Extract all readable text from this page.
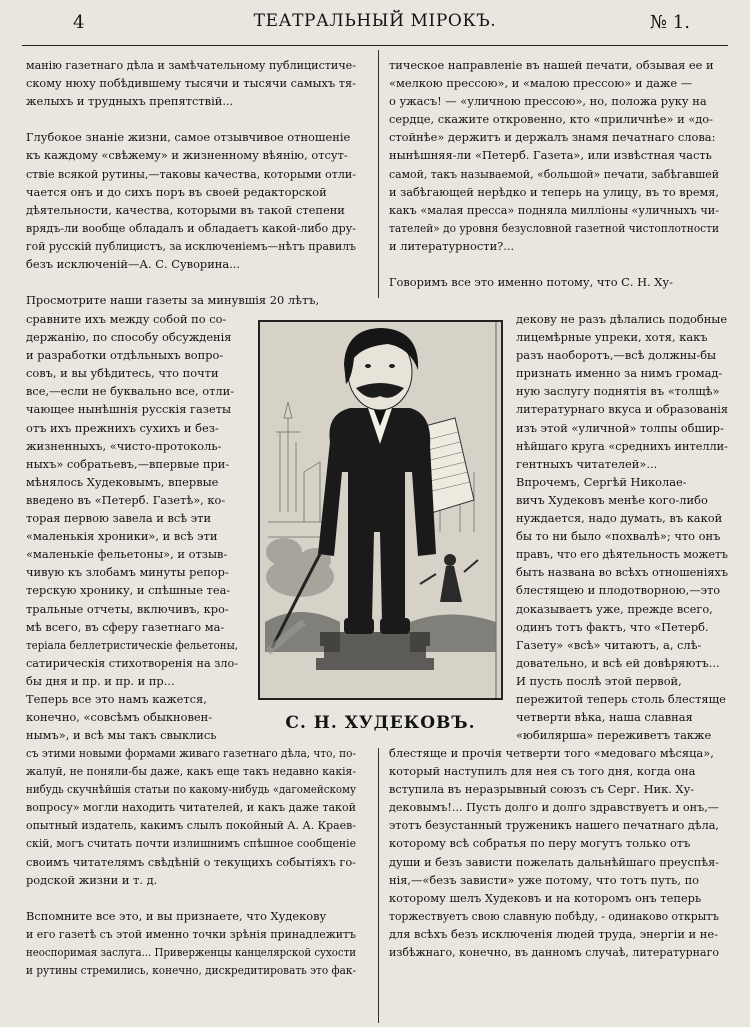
4	ТЕАТРАЛЬНЫЙ МІРОКЪ.	№ 1.
манію газетнаго дѣла и замѣчательному публицистиче-
скому нюху побѣдившему тысячи и тысячи самыхъ тя-
желыхъ и трудныхъ препятствій...
Глубокое знаніе жизни, самое отзывчивое отношеніе
къ каждому «свѣжему» и жизненному вѣянію, отсут-
ствіе всякой рутины,—таковы качества, которыми отли-
чается онъ и до сихъ поръ въ своей редакторской
дѣятельности, качества, которыми въ такой степени
врядъ-ли вообще обладалъ и обладаетъ какой-либо дру-
гой русскій публицистъ, за исключеніемъ—нѣтъ правилъ
безъ исключеній—А. С. Суворина...
Просмотрите наши газеты за минувшія 20 лѣтъ,
сравните ихъ между собой по со-
держанію, по способу обсужденія
и разработки отдѣльныхъ вопро-
совъ, и вы убѣдитесь, что почти
все,—если не буквально все, отли-
чающее нынѣшнія русскія газеты
отъ ихъ прежнихъ сухихъ и без-
жизненныхъ, «чисто-протоколь-
ныхъ» собратьевъ,—впервые при-
мѣнялось Худековымъ, впервые
введено въ «Петерб. Газетѣ», ко-
торая первою завела и всѣ эти
«маленькія хроники», и всѣ эти
«маленькіе фельетоны», и отзыв-
чивую къ злобамъ минуты репор-
терскую хронику, и спѣшные теа-
тральные отчеты, включивъ, кро-
мѣ всего, въ сферу газетнаго ма-
теріала беллетристическіе фельетоны,
сатирическія стихотворенія на злo-
бы дня и пр. и пр. и пр...
Теперь все это намъ кажется,
конечно, «совсѣмъ обыкновен-
нымъ», и всѣ мы такъ свыклись
съ этими новыми формами живаго газетнаго дѣла, что, по-
жалуй, не поняли-бы даже, какъ еще такъ недавно какія-
нибудь скучнѣйшія статьи по какому-нибудь «дагомейскому
вопросу» могли находить читателей, и какъ даже такой
опытный издатель, какимъ слылъ покойный А. А. Краев-
скій, могъ считать почти излишнимъ спѣшное сообщеніе
своимъ читателямъ свѣдѣній о текущихъ событіяхъ го-
родской жизни и т. д.
Вспомните все это, и вы признаете, что Худекову
и его газетѣ съ этой именно точки зрѣнія принадлежитъ
неоспоримая заслуга... Приверженцы канцелярской сухости
и рутины стремились, конечно, дискредитировать это фак-
тическое направленіе въ нашей печати, обзывая ее и
«мелкою прессою», и «малою прессою» и даже —
о ужасъ! — «уличною прессою», но, положа руку на
сердце, скажите откровенно, кто «приличнѣе» и «до-
стойнѣе» держитъ и держалъ знамя печатнаго слова:
нынѣшняя-ли «Петерб. Газета», или извѣстная часть
самой, такъ называемой, «большой» печати, забѣгавшей
и забѣгающей нерѣдко и теперь на улицу, въ то время,
какъ «малая пресса» подняла милліоны «уличныхъ чи-
тателей» до уровня безусловной газетной чистоплотности
и литературности?...
Говоримъ все это именно потому, что С. Н. Ху-
декову не разъ дѣлались подобные
лицемѣрные упреки, хотя, какъ
разъ наоборотъ,—всѣ должны-бы
признать именно за нимъ громад-
ную заслугу поднятія въ «толщѣ»
литературнаго вкуса и образованія
изъ этой «уличной» толпы обшир-
нѣйшаго круга «среднихъ интелли-
гентныхъ читателей»...
Впрочемъ, Сергѣй Николае-
вичъ Худековъ менѣе кого-либо
нуждается, надо думать, въ какой
бы то ни было «похвалѣ»; что онъ
правъ, что его дѣятельность можетъ
быть названа во всѣхъ отношеніяхъ
блестящею и плодотворною,—это
доказываетъ уже, прежде всего,
одинъ тотъ фактъ, что «Петерб.
Газету» «всѣ» читаютъ, а, слѣ-
довательно, и всѣ ей довѣряютъ...
И пусть послѣ этой первой,
пережитой теперь столь блестяще
четверти вѣка, наша славная
«юбилярша» переживетъ также
блестяще и прочія четверти того «медоваго мѣсяца»,
который наступилъ для нея съ того дня, когда она
вступила въ неразрывный союзъ съ Серг. Ник. Ху-
дековымъ!... Пусть долго и долго здравствуетъ и онъ,—
этотъ безустанный труженикъ нашего печатнаго дѣла,
которому всѣ собратья по перу могутъ только отъ
души и безъ зависти пожелать дальнѣйшаго преуспѣя-
нія,—«безъ зависти» уже потому, что тотъ путь, по
которому шелъ Худековъ и на которомъ онъ теперь
торжествуетъ свою славную побѣду, - одинаково открытъ
для всѣхъ безъ исключенія людей труда, энергіи и не-
избѣжнаго, конечно, въ данномъ случаѣ, литературнаго
С. Н. ХУДЕКОВЪ.
